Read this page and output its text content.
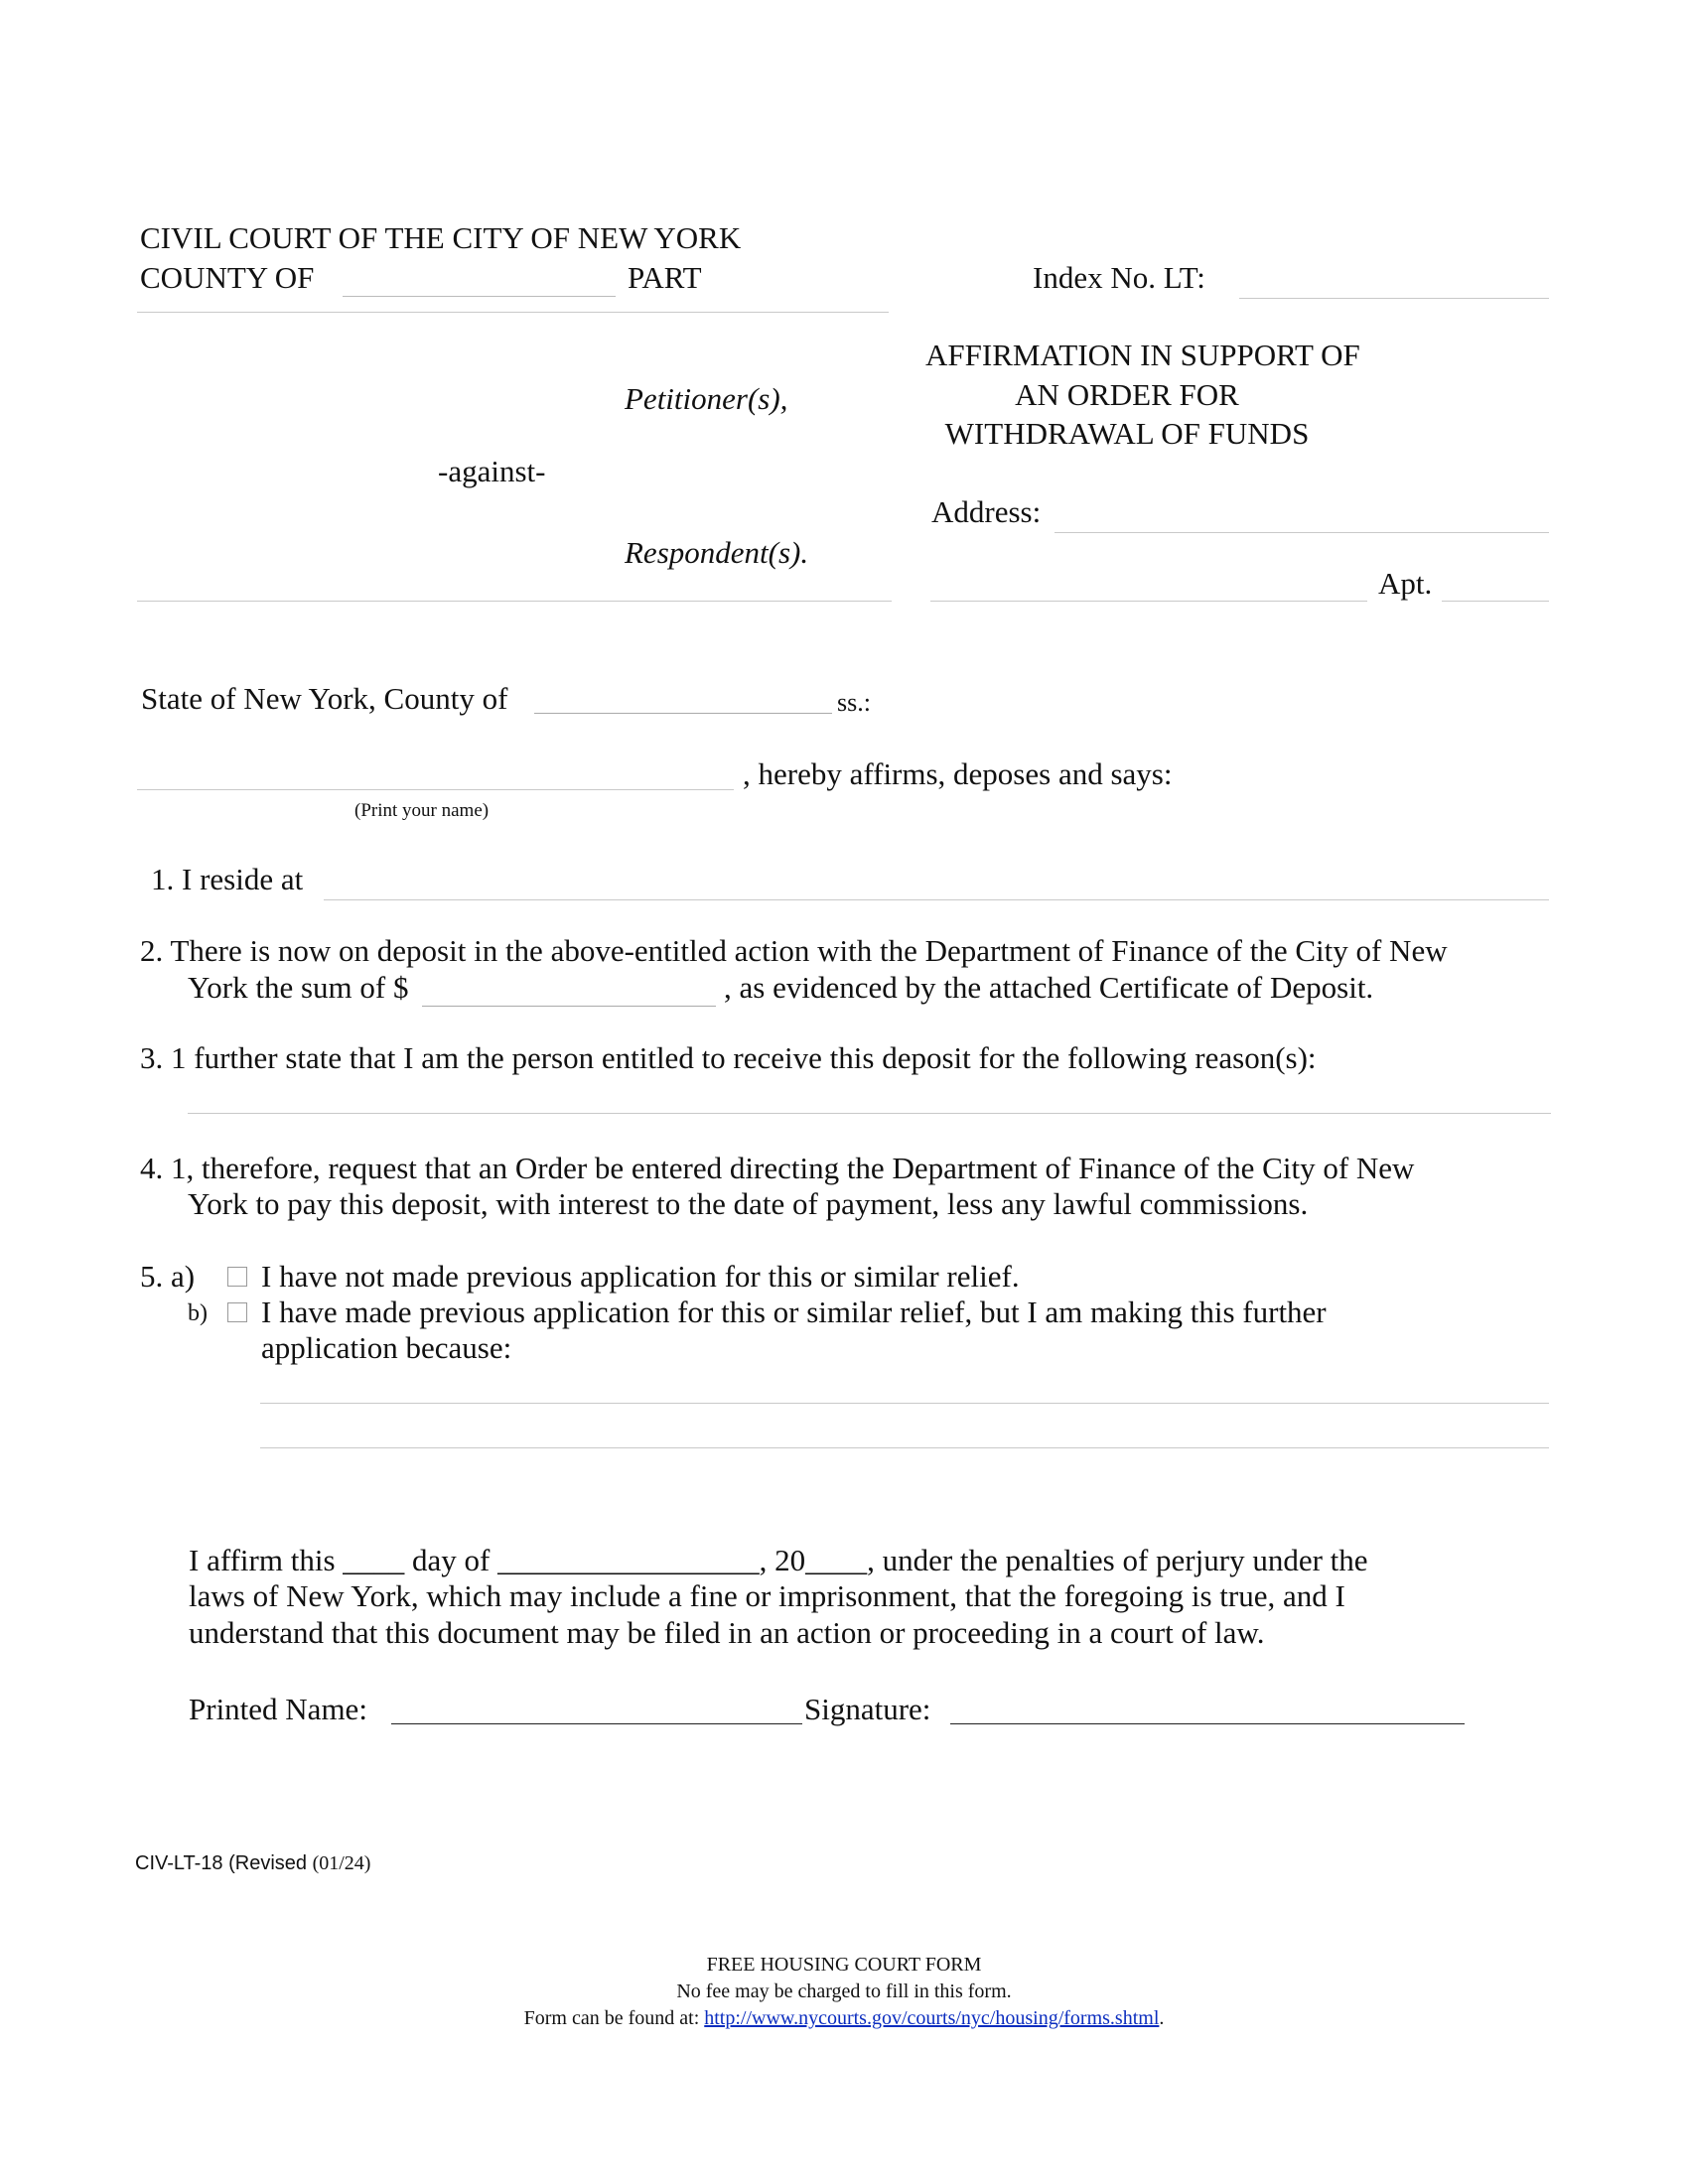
CIVIL COURT OF THE CITY OF NEW YORK
COUNTY OF	PART	Index No. LT:
Petitioner(s),
-against-
Respondent(s).
AFFIRMATION IN SUPPORT OF
AN ORDER FOR
WITHDRAWAL OF FUNDS
Address:
Apt.
State of New York, County of	ss.:
, hereby affirms, deposes and says:
(Print your name)
1. I reside at
2. There is now on deposit in the above-entitled action with the Department of Finance of the City of New
York the sum of $	, as evidenced by the attached Certificate of Deposit.
3. 1 further state that I am the person entitled to receive this deposit for the following reason(s):
4. 1, therefore, request that an Order be entered directing the Department of Finance of the City of New
York to pay this deposit, with interest to the date of payment, less any lawful commissions.
5. a) I have not made previous application for this or similar relief.
b) I have made previous application for this or similar relief, but I am making this further
application because:
I affirm this ____ day of _________________, 20____, under the penalties of perjury under the
laws of New York, which may include a fine or imprisonment, that the foregoing is true, and I
understand that this document may be filed in an action or proceeding in a court of law.
Printed Name:	Signature:
CIV-LT-18 (Revised (01/24)
FREE HOUSING COURT FORM
No fee may be charged to fill in this form.
Form can be found at: http://www.nycourts.gov/courts/nyc/housing/forms.shtml.
